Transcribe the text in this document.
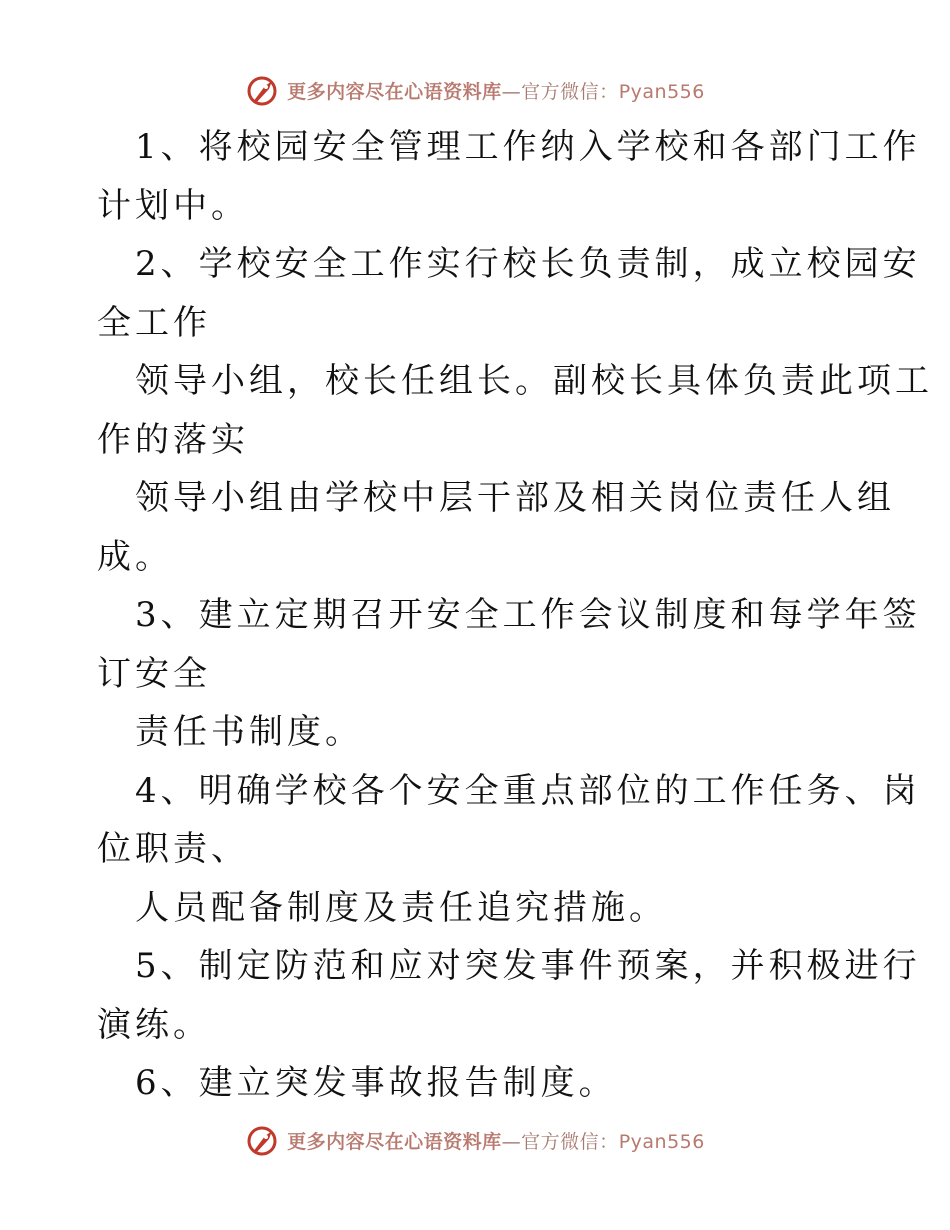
更多内容尽在心语资料库—官方微信：Pyan556
1、将校园安全管理工作纳入学校和各部门工作
计划中。
2、学校安全工作实行校长负责制，成立校园安
全工作
领导小组，校长任组长。副校长具体负责此项工
作的落实
领导小组由学校中层干部及相关岗位责任人组
成。
3、建立定期召开安全工作会议制度和每学年签
订安全
责任书制度。
4、明确学校各个安全重点部位的工作任务、岗
位职责、
人员配备制度及责任追究措施。
5、制定防范和应对突发事件预案，并积极进行
演练。
6、建立突发事故报告制度。
更多内容尽在心语资料库—官方微信：Pyan556
